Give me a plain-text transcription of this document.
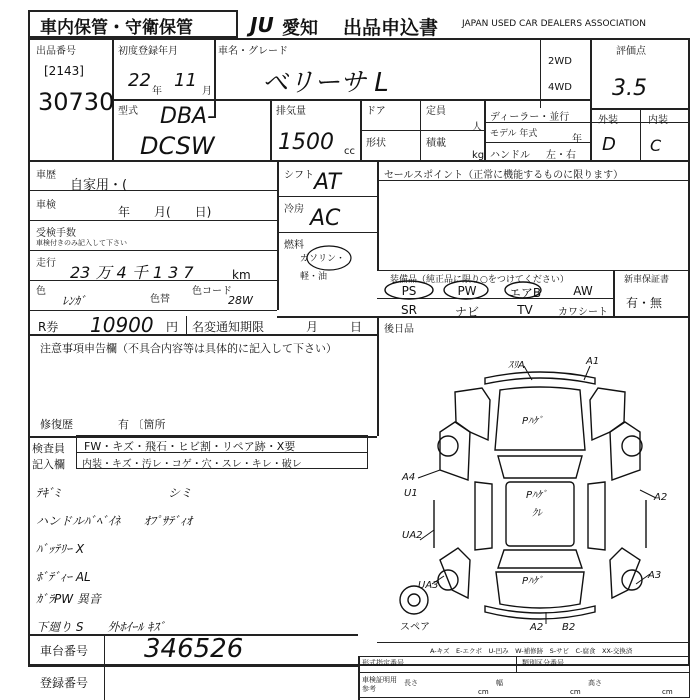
車内保管・守衛保管	JU 愛知 出品申込書	JAPAN USED CAR DEALERS ASSOCIATION
出品番号
[2143]
30730
初度登録年月
22
年
11
月
車名・グレード
ベリーサ L
2WD
4WD
評価点
3.5
外装	内装
D C
型式 DBA-
DCSW
排気量
1500 cc
ドア	定員
人
形状	積載
kg
ディーラー・並行
モデル 年式	年
ハンドル 左・右
車歴
自家用・(
車検	年　　月(　　日)
受検手数
車検付きのみ記入して下さい
走行 23 万 4 千 1 3 7	km
色
ﾚﾝｶﾞ	色替
色コード
28W
シフト AT
冷房 AC
燃料
ガソリン・軽・油
セールスポイント（正常に機能するものに限ります）
装備品（純正品に限り○をつけてください）
PS	PW	エアB	AW
SR	ナビ	TV	カワシート
新車保証書
有・無
R券 10900 円 名変通知期限	月	日 後日品
注意事項申告欄（不具合内容等は具体的に記入して下さい）
修復歴	有 〔箇所
検査員
記入欄
FW・キズ・飛石・ヒビ割・リペア跡・X要
内装・キズ・汚レ・コゲ・穴・スレ・キレ・破レ
ﾃｷﾞﾐ　　　　　　　　　シミ
ハンドルﾊﾞﾍﾞｲﾈ　　ｵﾌﾟｻﾃﾞｨｵ
ﾊﾞｯﾃﾘｰ X
ﾎﾞﾃﾞｨｰ AL
ｶﾞﾗPW 異音
下廻り S　　外ﾎｲｰﾙ ｷｽﾞ
ｽﾘA	A1
Pﾊｹﾞ
A4
U1	Pﾊｹﾞ
ｸﾚ
A2
UA2
UA3	Pﾊｹﾞ
A3
スペア	A2 B2
A-キズ　E-エクボ　U-凹み　W-補修跡　S-サビ　C-腐食　XX-交換済
車台番号 346526
登録番号
形式指定番号	類別区分番号
車検証明用 参考
長さ
cm
幅
cm
高さ
cm
